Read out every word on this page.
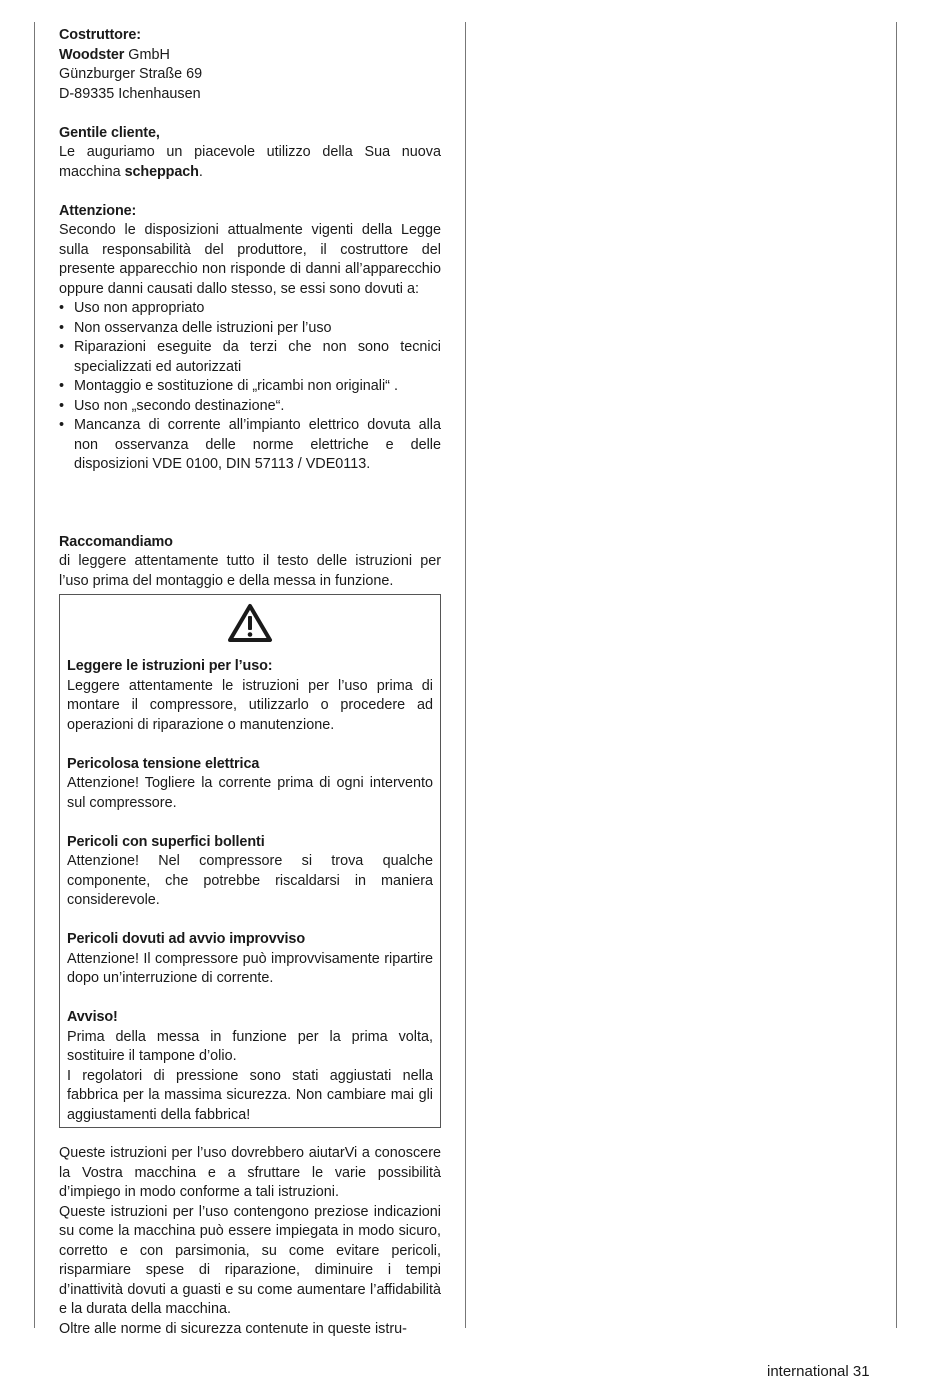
Costruttore:

Woodster GmbH

Günzburger Straße 69

D-89335 Ichenhausen

Gentile cliente,

Le auguriamo un piacevole utilizzo della Sua nuova macchina scheppach.

Attenzione:

Secondo le disposizioni attualmente vigenti della Legge sulla responsabilità del produttore, il costruttore del presente apparecchio non risponde di danni all’apparecchio oppure danni causati dallo stesso, se essi sono dovuti a:

• Uso non appropriato
• Non osservanza delle istruzioni per l’uso
• Riparazioni eseguite da terzi che non sono tecnici specializzati ed autorizzati
• Montaggio e sostituzione di „ricambi non originali“ .
• Uso non „secondo destinazione“.
• Mancanza di corrente all’impianto elettrico dovuta alla non osservanza delle norme elettriche e delle disposizioni VDE 0100, DIN 57113 / VDE0113.

Raccomandiamo

di leggere attentamente tutto il testo delle istruzioni per l’uso prima del montaggio e della messa in funzione.

Leggere le istruzioni per l’uso:

Leggere attentamente le istruzioni per l’uso prima di montare il compressore, utilizzarlo o procedere ad operazioni di riparazione o manutenzione.

Pericolosa tensione elettrica

Attenzione! Togliere la corrente prima di ogni intervento sul compressore.

Pericoli con superfici bollenti

Attenzione! Nel compressore si trova qualche componente, che potrebbe riscaldarsi in maniera considerevole.

Pericoli dovuti ad avvio improvviso

Attenzione! Il compressore può improvvisamente ripartire dopo un’interruzione di corrente.

Avviso!

Prima della messa in funzione per la prima volta, sostituire il tampone d’olio.

I regolatori di pressione sono stati aggiustati nella fabbrica per la massima sicurezza. Non cambiare mai gli aggiustamenti della fabbrica!

Queste istruzioni per l’uso dovrebbero aiutarVi a conoscere la Vostra macchina e a sfruttare le varie possibilità d’impiego in modo conforme a tali istruzioni.

Queste istruzioni per l’uso contengono preziose indicazioni su come la macchina può essere impiegata in modo sicuro, corretto e con parsimonia, su come evitare pericoli, risparmiare spese di riparazione, diminuire i tempi d’inattività dovuti a guasti e su come aumentare l’affidabilità e la durata della macchina.

Oltre alle norme di sicurezza contenute in queste istru-

international 31
